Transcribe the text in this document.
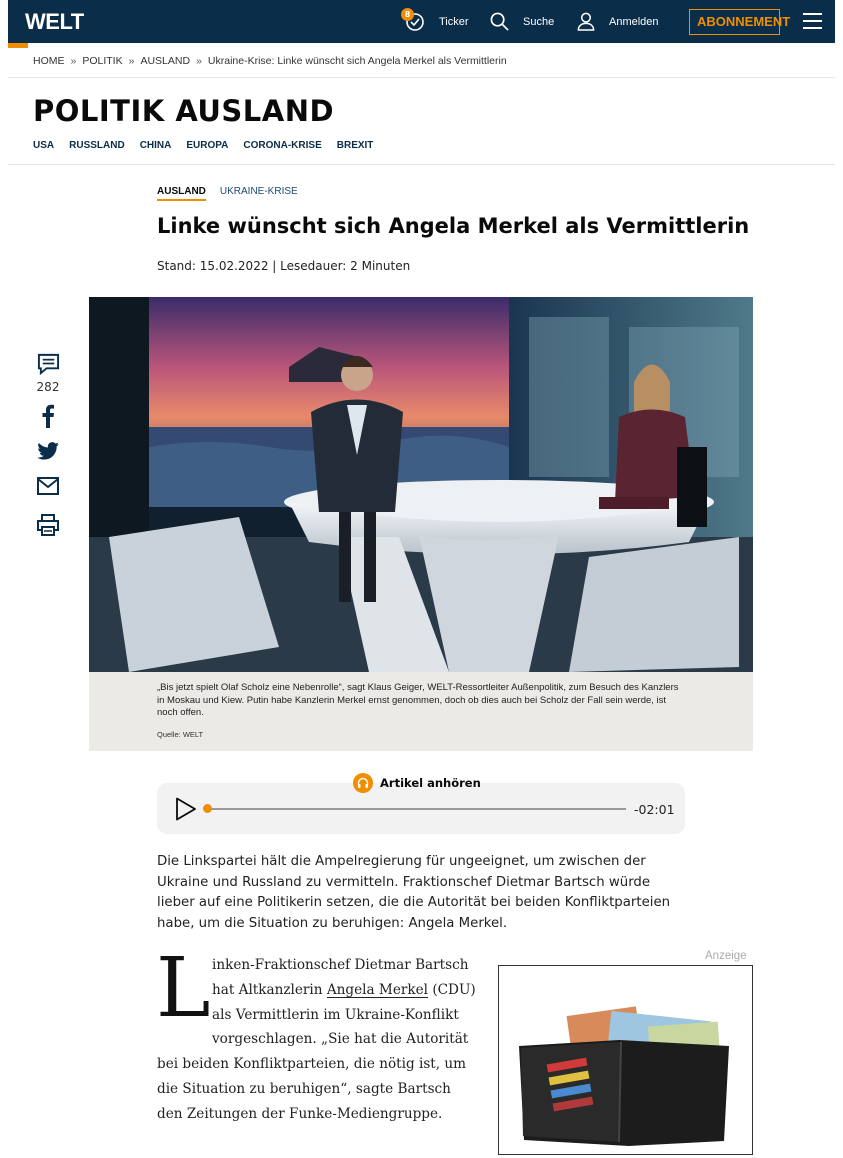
WELT	Ticker
8
Suche	Anmelden	ABONNEMENT
HOME » POLITIK » AUSLAND » Ukraine-Krise: Linke wünscht sich Angela Merkel als Vermittlerin
POLITIK AUSLAND
USA RUSSLAND CHINA EUROPA CORONA-KRISE BREXIT
AUSLAND UKRAINE-KRISE
Linke wünscht sich Angela Merkel als Vermittlerin
Stand: 15.02.2022 | Lesedauer: 2 Minuten
282

„Bis jetzt spielt Olaf Scholz eine Nebenrolle“, sagt Klaus Geiger, WELT-Ressortleiter Außenpolitik, zum Besuch des Kanzlers in Moskau und Kiew. Putin habe Kanzlerin Merkel ernst genommen, doch ob dies auch bei Scholz der Fall sein werde, ist noch offen.

Quelle: WELT

-02:01
Artikel anhören

Die Linkspartei hält die Ampelregierung für ungeeignet, um zwischen der Ukraine und Russland zu vermitteln. Fraktionschef Dietmar Bartsch würde lieber auf eine Politikerin setzen, die die Autorität bei beiden Konfliktparteien habe, um die Situation zu beruhigen: Angela Merkel.

Linken-Fraktionschef Dietmar Bartsch hat Altkanzlerin Angela Merkel (CDU) als Vermittlerin im Ukraine-Konflikt vorgeschlagen. „Sie hat die Autorität bei beiden Konfliktparteien, die nötig ist, um die Situation zu beruhigen“, sagte Bartsch den Zeitungen der Funke-Mediengruppe.
Anzeige
